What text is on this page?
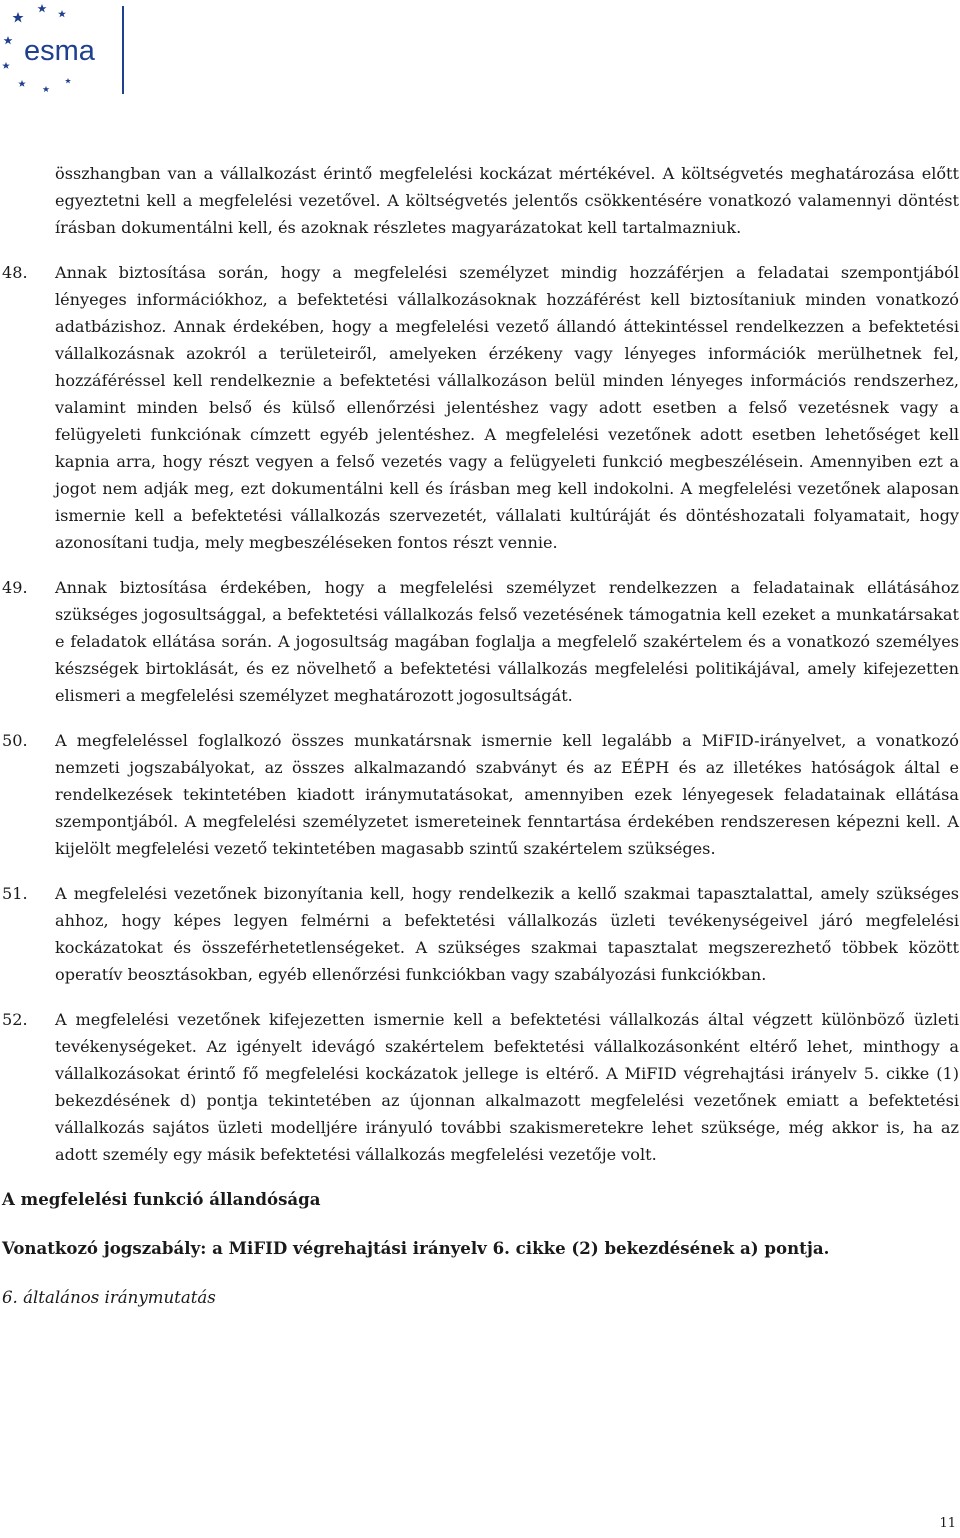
esma
összhangban van a vállalkozást érintő megfelelési kockázat mértékével. A költségvetés meghatározása előtt egyeztetni kell a megfelelési vezetővel. A költségvetés jelentős csökkentésére vonatkozó valamennyi döntést írásban dokumentálni kell, és azoknak részletes magyarázatokat kell tartalmazniuk.
48. Annak biztosítása során, hogy a megfelelési személyzet mindig hozzáférjen a feladatai szempontjából lényeges információkhoz, a befektetési vállalkozásoknak hozzáférést kell biztosítaniuk minden vonatkozó adatbázishoz. Annak érdekében, hogy a megfelelési vezető állandó áttekintéssel rendelkezzen a befektetési vállalkozásnak azokról a területeiről, amelyeken érzékeny vagy lényeges információk merülhetnek fel, hozzáféréssel kell rendelkeznie a befektetési vállalkozáson belül minden lényeges információs rendszerhez, valamint minden belső és külső ellenőrzési jelentéshez vagy adott esetben a felső vezetésnek vagy a felügyeleti funkciónak címzett egyéb jelentéshez. A megfelelési vezetőnek adott esetben lehetőséget kell kapnia arra, hogy részt vegyen a felső vezetés vagy a felügyeleti funkció megbeszélésein. Amennyiben ezt a jogot nem adják meg, ezt dokumentálni kell és írásban meg kell indokolni. A megfelelési vezetőnek alaposan ismernie kell a befektetési vállalkozás szervezetét, vállalati kultúráját és döntéshozatali folyamatait, hogy azonosítani tudja, mely megbeszéléseken fontos részt vennie.
49. Annak biztosítása érdekében, hogy a megfelelési személyzet rendelkezzen a feladatainak ellátásához szükséges jogosultsággal, a befektetési vállalkozás felső vezetésének támogatnia kell ezeket a munkatársakat e feladatok ellátása során. A jogosultság magában foglalja a megfelelő szakértelem és a vonatkozó személyes készségek birtoklását, és ez növelhető a befektetési vállalkozás megfelelési politikájával, amely kifejezetten elismeri a megfelelési személyzet meghatározott jogosultságát.
50. A megfeleléssel foglalkozó összes munkatársnak ismernie kell legalább a MiFID-irányelvet, a vonatkozó nemzeti jogszabályokat, az összes alkalmazandó szabványt és az EÉPH és az illetékes hatóságok által e rendelkezések tekintetében kiadott iránymutatásokat, amennyiben ezek lényegesek feladatainak ellátása szempontjából. A megfelelési személyzetet ismereteinek fenntartása érdekében rendszeresen képezni kell. A kijelölt megfelelési vezető tekintetében magasabb szintű szakértelem szükséges.
51. A megfelelési vezetőnek bizonyítania kell, hogy rendelkezik a kellő szakmai tapasztalattal, amely szükséges ahhoz, hogy képes legyen felmérni a befektetési vállalkozás üzleti tevékenységeivel járó megfelelési kockázatokat és összeférhetetlenségeket. A szükséges szakmai tapasztalat megszerezhető többek között operatív beosztásokban, egyéb ellenőrzési funkciókban vagy szabályozási funkciókban.
52. A megfelelési vezetőnek kifejezetten ismernie kell a befektetési vállalkozás által végzett különböző üzleti tevékenységeket. Az igényelt idevágó szakértelem befektetési vállalkozásonként eltérő lehet, minthogy a vállalkozásokat érintő fő megfelelési kockázatok jellege is eltérő. A MiFID végrehajtási irányelv 5. cikke (1) bekezdésének d) pontja tekintetében az újonnan alkalmazott megfelelési vezetőnek emiatt a befektetési vállalkozás sajátos üzleti modelljére irányuló további szakismeretekre lehet szüksége, még akkor is, ha az adott személy egy másik befektetési vállalkozás megfelelési vezetője volt.
A megfelelési funkció állandósága
Vonatkozó jogszabály: a MiFID végrehajtási irányelv 6. cikke (2) bekezdésének a) pontja.
6. általános iránymutatás
11
